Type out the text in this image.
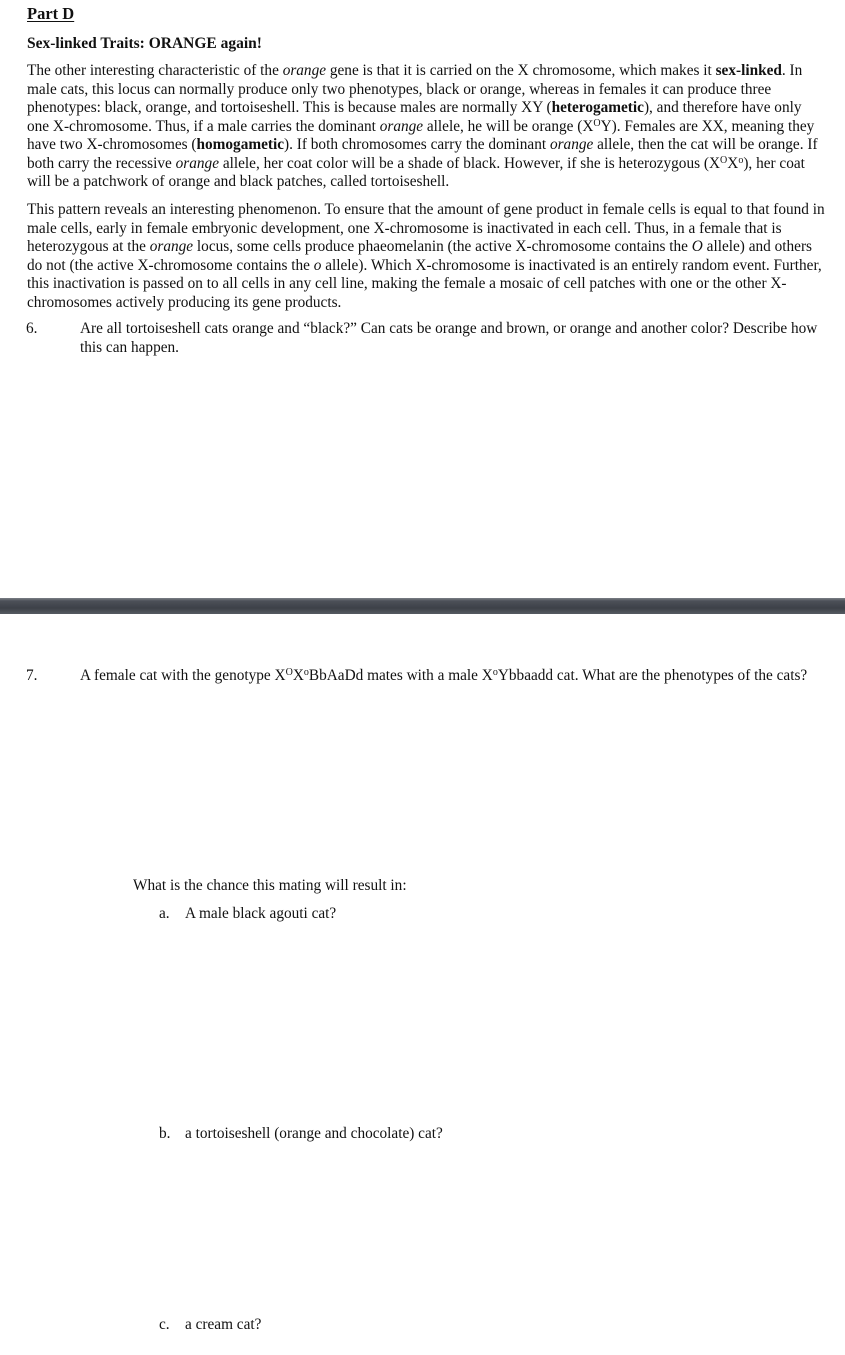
Part D
Sex-linked Traits: ORANGE again!
The other interesting characteristic of the orange gene is that it is carried on the X chromosome, which makes it sex-linked. In male cats, this locus can normally produce only two phenotypes, black or orange, whereas in females it can produce three phenotypes: black, orange, and tortoiseshell. This is because males are normally XY (heterogametic), and therefore have only one X-chromosome. Thus, if a male carries the dominant orange allele, he will be orange $(X^OY)$. Females are XX, meaning they have two X-chromosomes (homogametic). If both chromosomes carry the dominant orange allele, then the cat will be orange. If both carry the recessive orange allele, her coat color will be a shade of black. However, if she is heterozygous $(X^OX^o)$, her coat will be a patchwork of orange and black patches, called tortoiseshell.
This pattern reveals an interesting phenomenon. To ensure that the amount of gene product in female cells is equal to that found in male cells, early in female embryonic development, one X-chromosome is inactivated in each cell. Thus, in a female that is heterozygous at the orange locus, some cells produce phaeomelanin (the active X-chromosome contains the O allele) and others do not (the active X-chromosome contains the o allele). Which X-chromosome is inactivated is an entirely random event. Further, this inactivation is passed on to all cells in any cell line, making the female a mosaic of cell patches with one or the other X-chromosomes actively producing its gene products.
6.	Are all tortoiseshell cats orange and “black?” Can cats be orange and brown, or orange and another color? Describe how this can happen.
7.	A female cat with the genotype $X^OX^oBbAaDd$ mates with a male $X^oYbbaadd$ cat. What are the phenotypes of the cats?
What is the chance this mating will result in:
a. A male black agouti cat?
b. a tortoiseshell (orange and chocolate) cat?
c. a cream cat?
